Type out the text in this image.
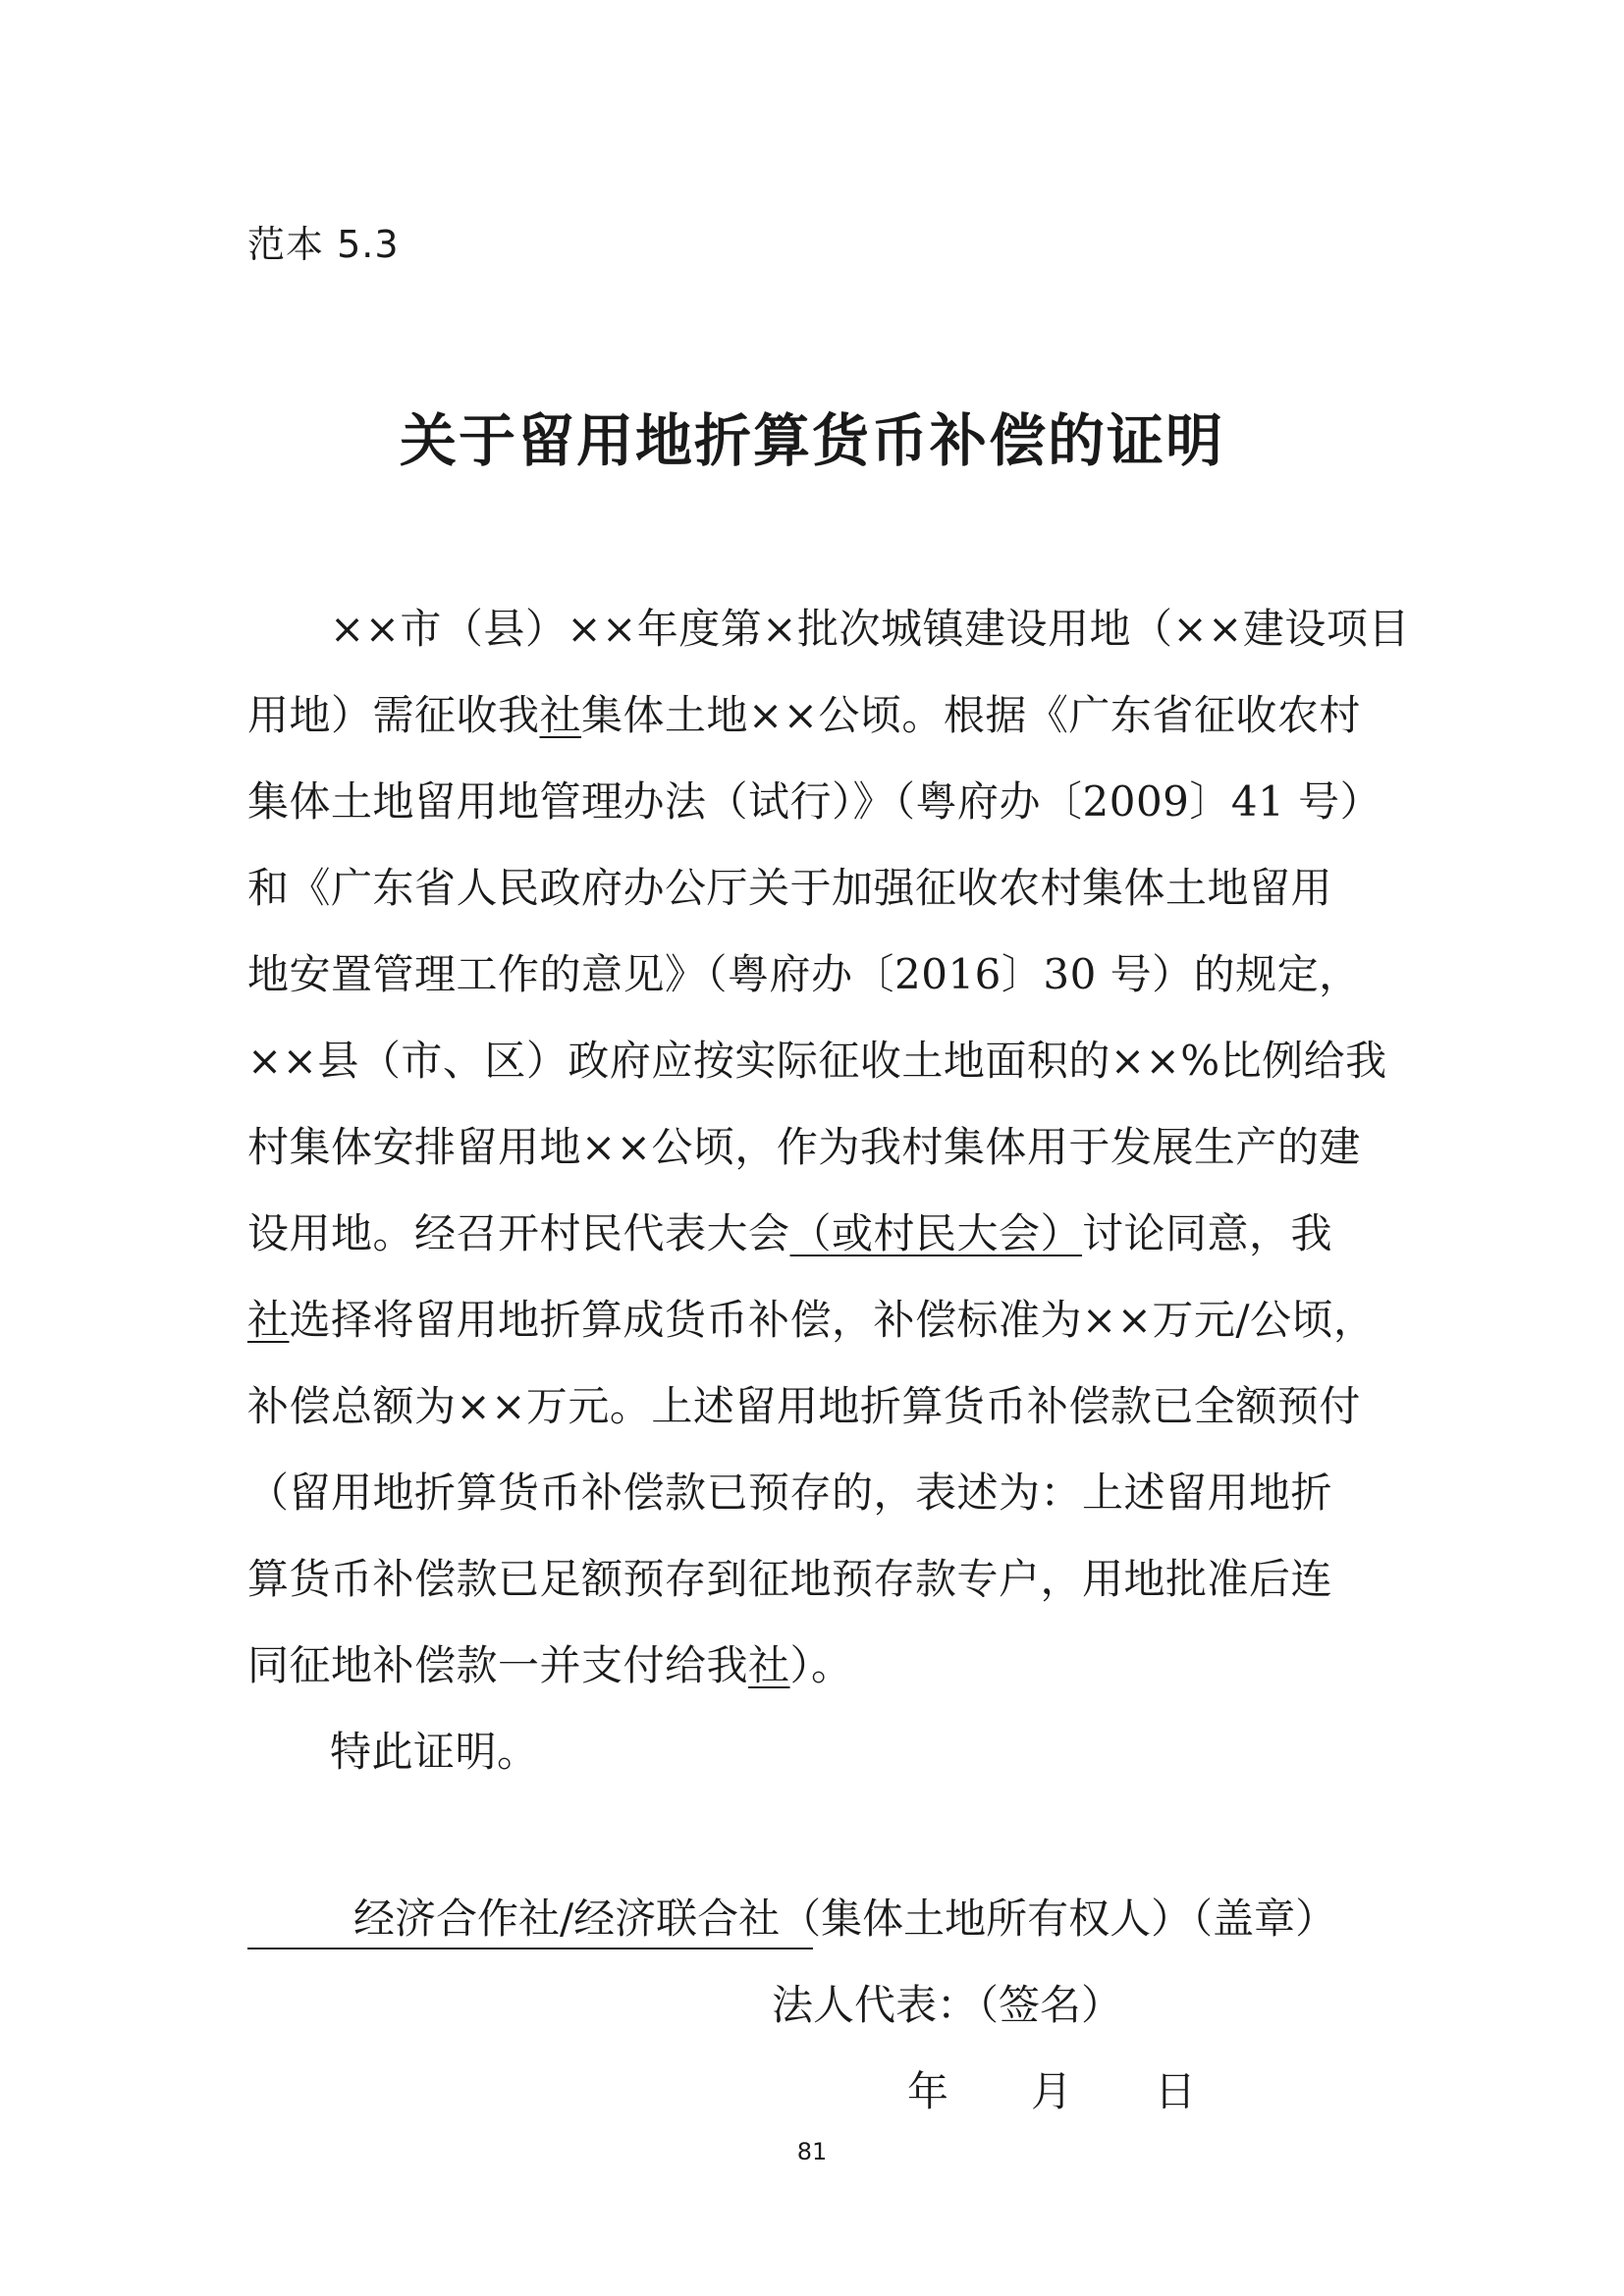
范本 5.3
关于留用地折算货币补偿的证明
××市（县）××年度第×批次城镇建设用地（××建设项目
用地）需征收我社集体土地××公顷。根据《广东省征收农村
集体土地留用地管理办法（试行）》（粤府办〔2009〕41 号）
和《广东省人民政府办公厅关于加强征收农村集体土地留用
地安置管理工作的意见》（粤府办〔2016〕30 号）的规定，
××县（市、区）政府应按实际征收土地面积的××%比例给我
村集体安排留用地××公顷，作为我村集体用于发展生产的建
设用地。经召开村民代表大会（或村民大会）讨论同意，我
社选择将留用地折算成货币补偿，补偿标准为××万元/公顷，
补偿总额为××万元。上述留用地折算货币补偿款已全额预付
（留用地折算货币补偿款已预存的，表述为：上述留用地折
算货币补偿款已足额预存到征地预存款专户，用地批准后连
同征地补偿款一并支付给我社）。
特此证明。
经济合作社/经济联合社（集体土地所有权人）（盖章）
法人代表：（签名）
年　　月　　日
81
